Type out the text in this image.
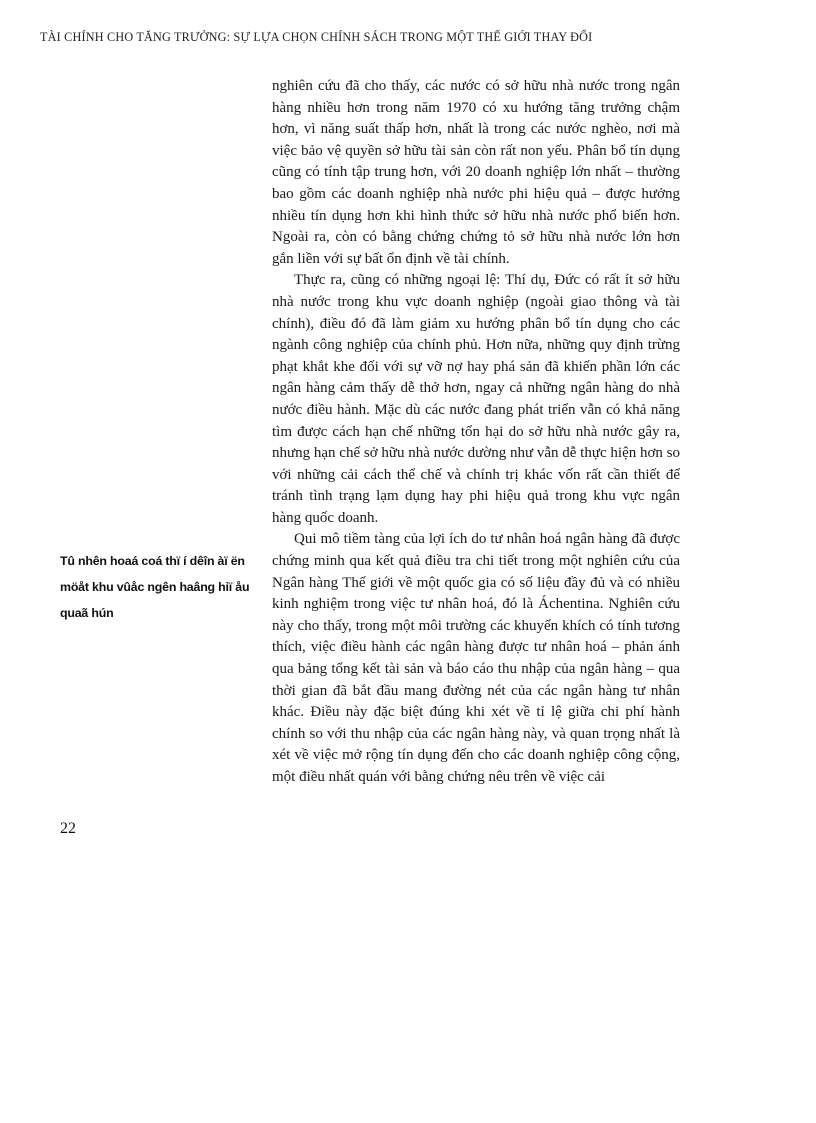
TÀI CHÍNH CHO TĂNG TRƯỞNG: SỰ LỰA CHỌN CHÍNH SÁCH TRONG MỘT THẾ GIỚI THAY ĐỔI
Tû nhên hoaá coá thï í dêîn àï ën möåt khu vûåc ngên haâng hiï åu quaã hún

nghiên cứu đã cho thấy, các nước có sở hữu nhà nước trong ngân hàng nhiều hơn trong năm 1970 có xu hướng tăng trưởng chậm hơn, vì năng suất thấp hơn, nhất là trong các nước nghèo, nơi mà việc bảo vệ quyền sở hữu tài sản còn rất non yếu. Phân bổ tín dụng cũng có tính tập trung hơn, với 20 doanh nghiệp lớn nhất – thường bao gồm các doanh nghiệp nhà nước phi hiệu quả – được hưởng nhiều tín dụng hơn khi hình thức sở hữu nhà nước phổ biến hơn. Ngoài ra, còn có bằng chứng chứng tỏ sở hữu nhà nước lớn hơn gắn liền với sự bất ổn định về tài chính.

Thực ra, cũng có những ngoại lệ: Thí dụ, Đức có rất ít sở hữu nhà nước trong khu vực doanh nghiệp (ngoài giao thông và tài chính), điều đó đã làm giảm xu hướng phân bổ tín dụng cho các ngành công nghiệp của chính phủ. Hơn nữa, những quy định trừng phạt khắt khe đối với sự vỡ nợ hay phá sản đã khiến phần lớn các ngân hàng cảm thấy dễ thở hơn, ngay cả những ngân hàng do nhà nước điều hành. Mặc dù các nước đang phát triển vẫn có khả năng tìm được cách hạn chế những tổn hại do sở hữu nhà nước gây ra, nhưng hạn chế sở hữu nhà nước dường như vẫn dễ thực hiện hơn so với những cải cách thể chế và chính trị khác vốn rất cần thiết để tránh tình trạng lạm dụng hay phi hiệu quả trong khu vực ngân hàng quốc doanh.

Qui mô tiềm tàng của lợi ích do tư nhân hoá ngân hàng đã được chứng minh qua kết quả điều tra chi tiết trong một nghiên cứu của Ngân hàng Thế giới về một quốc gia có số liệu đầy đủ và có nhiều kinh nghiệm trong việc tư nhân hoá, đó là Áchentina. Nghiên cứu này cho thấy, trong một môi trường các khuyến khích có tính tương thích, việc điều hành các ngân hàng được tư nhân hoá – phản ánh qua bảng tổng kết tài sản và báo cáo thu nhập của ngân hàng – qua thời gian đã bắt đầu mang đường nét của các ngân hàng tư nhân khác. Điều này đặc biệt đúng khi xét về tỉ lệ giữa chi phí hành chính so với thu nhập của các ngân hàng này, và quan trọng nhất là xét về việc mở rộng tín dụng đến cho các doanh nghiệp công cộng, một điều nhất quán với bằng chứng nêu trên về việc cải

22
